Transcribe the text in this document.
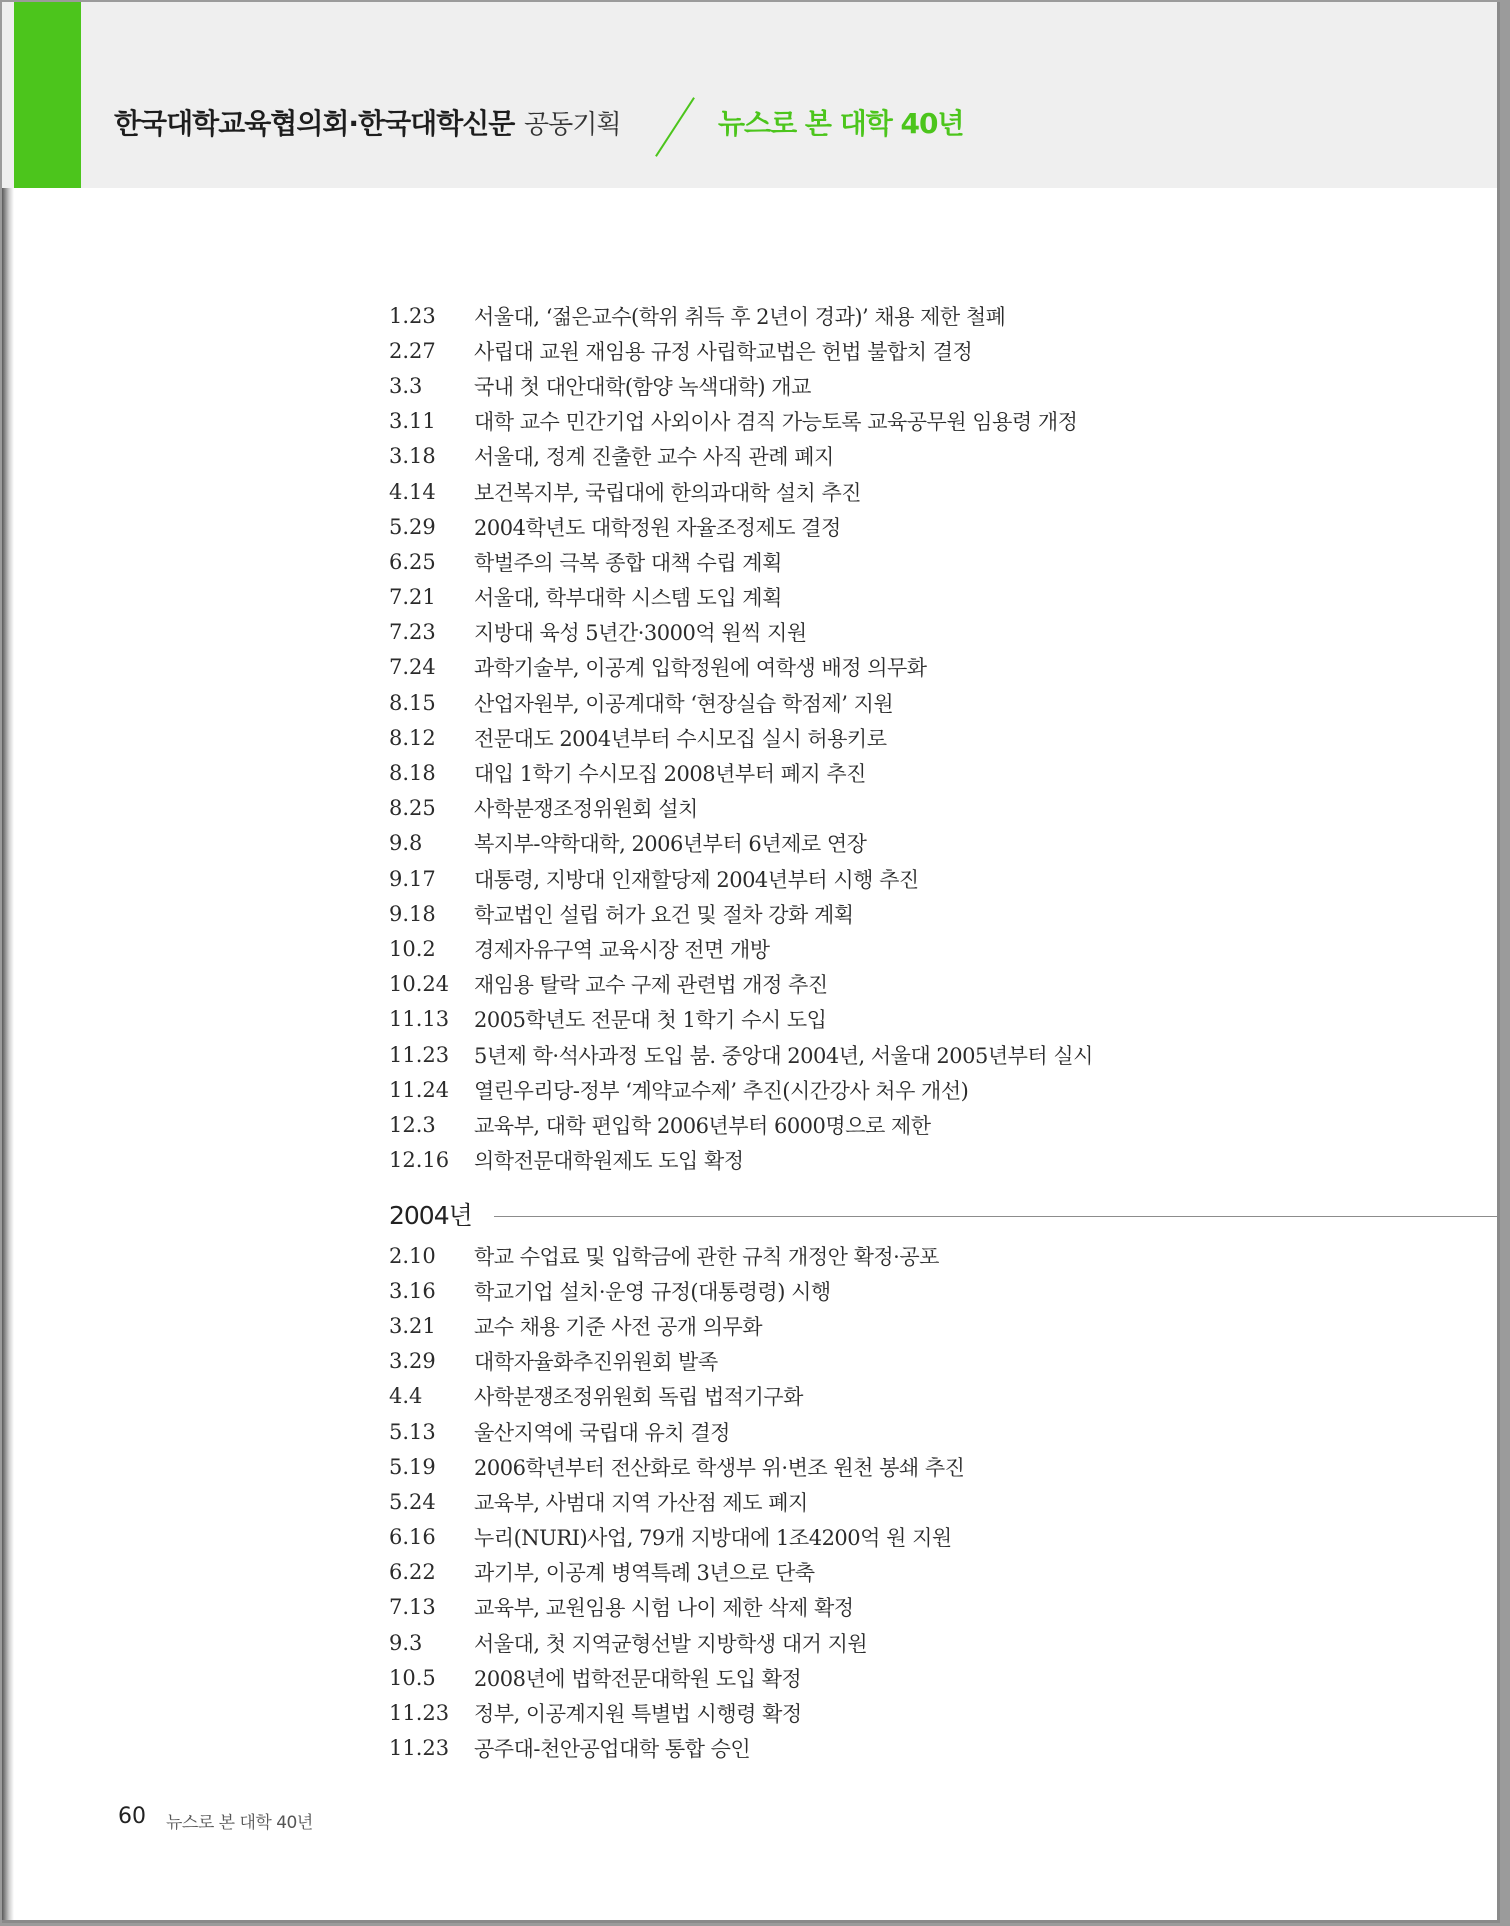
한국대학교육협의회·한국대학신문 공동기획	뉴스로 본 대학 40년
1.23	서울대, ‘젊은교수(학위 취득 후 2년이 경과)’ 채용 제한 철폐
2.27	사립대 교원 재임용 규정 사립학교법은 헌법 불합치 결정
3.3	국내 첫 대안대학(함양 녹색대학) 개교
3.11	대학 교수 민간기업 사외이사 겸직 가능토록 교육공무원 임용령 개정
3.18	서울대, 정계 진출한 교수 사직 관례 폐지
4.14	보건복지부, 국립대에 한의과대학 설치 추진
5.29	2004학년도 대학정원 자율조정제도 결정
6.25	학벌주의 극복 종합 대책 수립 계획
7.21	서울대, 학부대학 시스템 도입 계획
7.23	지방대 육성 5년간·3000억 원씩 지원
7.24	과학기술부, 이공계 입학정원에 여학생 배정 의무화
8.15	산업자원부, 이공계대학 ‘현장실습 학점제’ 지원
8.12	전문대도 2004년부터 수시모집 실시 허용키로
8.18	대입 1학기 수시모집 2008년부터 폐지 추진
8.25	사학분쟁조정위원회 설치
9.8	복지부-약학대학, 2006년부터 6년제로 연장
9.17	대통령, 지방대 인재할당제 2004년부터 시행 추진
9.18	학교법인 설립 허가 요건 및 절차 강화 계획
10.2	경제자유구역 교육시장 전면 개방
10.24	재임용 탈락 교수 구제 관련법 개정 추진
11.13	2005학년도 전문대 첫 1학기 수시 도입
11.23	5년제 학·석사과정 도입 붐. 중앙대 2004년, 서울대 2005년부터 실시
11.24	열린우리당-정부 ‘계약교수제’ 추진(시간강사 처우 개선)
12.3	교육부, 대학 편입학 2006년부터 6000명으로 제한
12.16	의학전문대학원제도 도입 확정
2004년
2.10	학교 수업료 및 입학금에 관한 규칙 개정안 확정·공포
3.16	학교기업 설치·운영 규정(대통령령) 시행
3.21	교수 채용 기준 사전 공개 의무화
3.29	대학자율화추진위원회 발족
4.4	사학분쟁조정위원회 독립 법적기구화
5.13	울산지역에 국립대 유치 결정
5.19	2006학년부터 전산화로 학생부 위·변조 원천 봉쇄 추진
5.24	교육부, 사범대 지역 가산점 제도 폐지
6.16	누리(NURI)사업, 79개 지방대에 1조4200억 원 지원
6.22	과기부, 이공계 병역특례 3년으로 단축
7.13	교육부, 교원임용 시험 나이 제한 삭제 확정
9.3	서울대, 첫 지역균형선발 지방학생 대거 지원
10.5	2008년에 법학전문대학원 도입 확정
11.23	정부, 이공계지원 특별법 시행령 확정
11.23	공주대-천안공업대학 통합 승인
60 뉴스로 본 대학 40년
